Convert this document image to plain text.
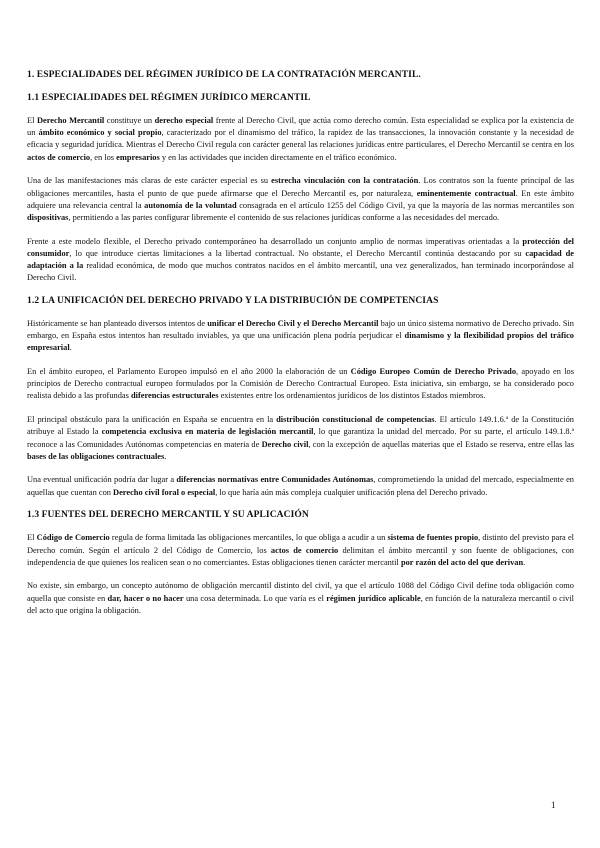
1. ESPECIALIDADES DEL RÉGIMEN JURÍDICO DE LA CONTRATACIÓN MERCANTIL.
1.1 ESPECIALIDADES DEL RÉGIMEN JURÍDICO MERCANTIL

El Derecho Mercantil constituye un derecho especial frente al Derecho Civil, que actúa como derecho común. Esta especialidad se explica por la existencia de un ámbito económico y social propio, caracterizado por el dinamismo del tráfico, la rapidez de las transacciones, la innovación constante y la necesidad de eficacia y seguridad jurídica. Mientras el Derecho Civil regula con carácter general las relaciones jurídicas entre particulares, el Derecho Mercantil se centra en los actos de comercio, en los empresarios y en las actividades que inciden directamente en el tráfico económico.

Una de las manifestaciones más claras de este carácter especial es su estrecha vinculación con la contratación. Los contratos son la fuente principal de las obligaciones mercantiles, hasta el punto de que puede afirmarse que el Derecho Mercantil es, por naturaleza, eminentemente contractual. En este ámbito adquiere una relevancia central la autonomía de la voluntad consagrada en el artículo 1255 del Código Civil, ya que la mayoría de las normas mercantiles son dispositivas, permitiendo a las partes configurar libremente el contenido de sus relaciones jurídicas conforme a las necesidades del mercado.

Frente a este modelo flexible, el Derecho privado contemporáneo ha desarrollado un conjunto amplio de normas imperativas orientadas a la protección del consumidor, lo que introduce ciertas limitaciones a la libertad contractual. No obstante, el Derecho Mercantil continúa destacando por su capacidad de adaptación a la realidad económica, de modo que muchos contratos nacidos en el ámbito mercantil, una vez generalizados, han terminado incorporándose al Derecho Civil.

1.2 LA UNIFICACIÓN DEL DERECHO PRIVADO Y LA DISTRIBUCIÓN DE COMPETENCIAS

Históricamente se han planteado diversos intentos de unificar el Derecho Civil y el Derecho Mercantil bajo un único sistema normativo de Derecho privado. Sin embargo, en España estos intentos han resultado inviables, ya que una unificación plena podría perjudicar el dinamismo y la flexibilidad propios del tráfico empresarial.

En el ámbito europeo, el Parlamento Europeo impulsó en el año 2000 la elaboración de un Código Europeo Común de Derecho Privado, apoyado en los principios de Derecho contractual europeo formulados por la Comisión de Derecho Contractual Europeo. Esta iniciativa, sin embargo, se ha considerado poco realista debido a las profundas diferencias estructurales existentes entre los ordenamientos jurídicos de los distintos Estados miembros.

El principal obstáculo para la unificación en España se encuentra en la distribución constitucional de competencias. El artículo 149.1.6.ª de la Constitución atribuye al Estado la competencia exclusiva en materia de legislación mercantil, lo que garantiza la unidad del mercado. Por su parte, el artículo 149.1.8.ª reconoce a las Comunidades Autónomas competencias en materia de Derecho civil, con la excepción de aquellas materias que el Estado se reserva, entre ellas las bases de las obligaciones contractuales.

Una eventual unificación podría dar lugar a diferencias normativas entre Comunidades Autónomas, comprometiendo la unidad del mercado, especialmente en aquellas que cuentan con Derecho civil foral o especial, lo que haría aún más compleja cualquier unificación plena del Derecho privado.

1.3 FUENTES DEL DERECHO MERCANTIL Y SU APLICACIÓN

El Código de Comercio regula de forma limitada las obligaciones mercantiles, lo que obliga a acudir a un sistema de fuentes propio, distinto del previsto para el Derecho común. Según el artículo 2 del Código de Comercio, los actos de comercio delimitan el ámbito mercantil y son fuente de obligaciones, con independencia de que quienes los realicen sean o no comerciantes. Estas obligaciones tienen carácter mercantil por razón del acto del que derivan.

No existe, sin embargo, un concepto autónomo de obligación mercantil distinto del civil, ya que el artículo 1088 del Código Civil define toda obligación como aquella que consiste en dar, hacer o no hacer una cosa determinada. Lo que varía es el régimen jurídico aplicable, en función de la naturaleza mercantil o civil del acto que origina la obligación.

1
